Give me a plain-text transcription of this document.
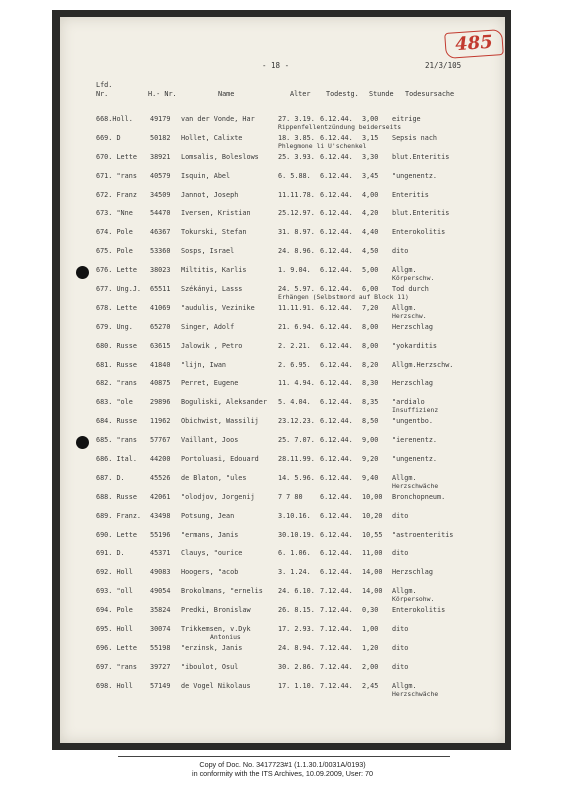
485
- 18 -	21/3/105
Lfd.
Nr.	H.- Nr.	Name	Alter Todestg. Stunde Todesursache
668.Holl.	49179 van der Vonde, Har	27. 3.19. 6.12.44. 3,00 eitrige
Rippenfellentzündung beiderseits
669. D	50182 Hollet, Calixte	18. 3.85. 6.12.44. 3,15 Sepsis nach
Phlegmone li U'schenkel
670. Lette 38921 Lomsalis, Boleslows	25. 3.93. 6.12.44. 3,30 blut.Enteritis
671. "rans 40579 Isquin, Abel	6. 5.88. 6.12.44. 3,45 "ungenentz.
672. Franz 34509 Jannot, Joseph	11.11.78. 6.12.44. 4,00 Enteritis
673. "Nne	54470 Iversen, Kristian	25.12.97. 6.12.44. 4,20 blut.Enteritis
674. Pole	46367 Tokurski, Stefan	31. 8.97. 6.12.44. 4,40 Enterokolitis
675. Pole	53360 Sosps, Israel	24. 8.96. 6.12.44. 4,50 dito
676. Lette 38023 Miltitis, Karlis	1. 9.04. 6.12.44. 5,00 Allgm.
Körperschw.
677. Ung.J. 65511 Székányi, Lasss	24. 5.97. 6.12.44. 6,00 Tod durch
Erhängen (Selbstmord auf Block 11)
678. Lette 41069 "audulis, Vezinike	11.11.91. 6.12.44. 7,20 Allgm.
Herzschw.
679. Ung.	65270 Singer, Adolf	21. 6.94. 6.12.44. 8,00 Herzschlag
680. Russe 63615 Jalowik , Petro	2. 2.21. 6.12.44. 8,00 "yokarditis
681. Russe 41840 "lijn, Iwan	2. 6.95. 6.12.44. 8,20 Allgm.Herzschw.
682. "rans 40875 Perret, Eugene	11. 4.94. 6.12.44. 8,30 Herzschlag
683. "ole	29896 Boguliski, Aleksander 5. 4.04. 6.12.44. 8,35 "ardialo
Insuffizienz
684. Russe 11962 Obichwist, Wassilij	23.12.23. 6.12.44. 8,50 "ungentbo.
685. "rans 57767 Vaillant, Joos	25. 7.07. 6.12.44. 9,00 "ierenentz.
686. Ital. 44200 Portoluasi, Edouard	28.11.99. 6.12.44. 9,20 "ungenentz.
687. D.	45526 de Blaton, "ules	14. 5.96. 6.12.44. 9,40 Allgm.
Herzschwäche
688. Russe 42061 "olodjov, Jorgenij	7 7 80	6.12.44. 10,00 Bronchopneum.
689. Franz. 43498 Potsung, Jean	3.10.16. 6.12.44. 10,20 dito
690. Lette 55196 "ermans, Janis	30.10.19. 6.12.44. 10,55 "astroenteritis
691. D.	45371 Clauys, "ourice	6. 1.06. 6.12.44. 11,00 dito
692. Holl	49083 Hoogers, "acob	3. 1.24. 6.12.44. 14,00 Herzschlag
693. "oll	49054 Brokolmans, "ernelis 24. 6.10. 7.12.44. 14,00 Allgm.
Körpersohw.
694. Pole	35824 Predki, Bronislaw	26. 8.15. 7.12.44. 0,30 Enterokolitis
695. Holl	30074 Trikkemsen, v.Dyk	17. 2.93. 7.12.44. 1,00 dito
Antonius
696. Lette 55198 "erzinsk, Janis	24. 8.94. 7.12.44. 1,20 dito
697. "rans 39727 "iboulot, Osul	30. 2.86. 7.12.44. 2,00 dito
698. Holl	57149 de Vogel Nikolaus	17. 1.10. 7.12.44. 2,45 Allgm.
Herzschwäche
Copy of Doc. No. 3417723#1 (1.1.30.1/0031A/0193)
in conformity with the ITS Archives, 10.09.2009, User: 70
